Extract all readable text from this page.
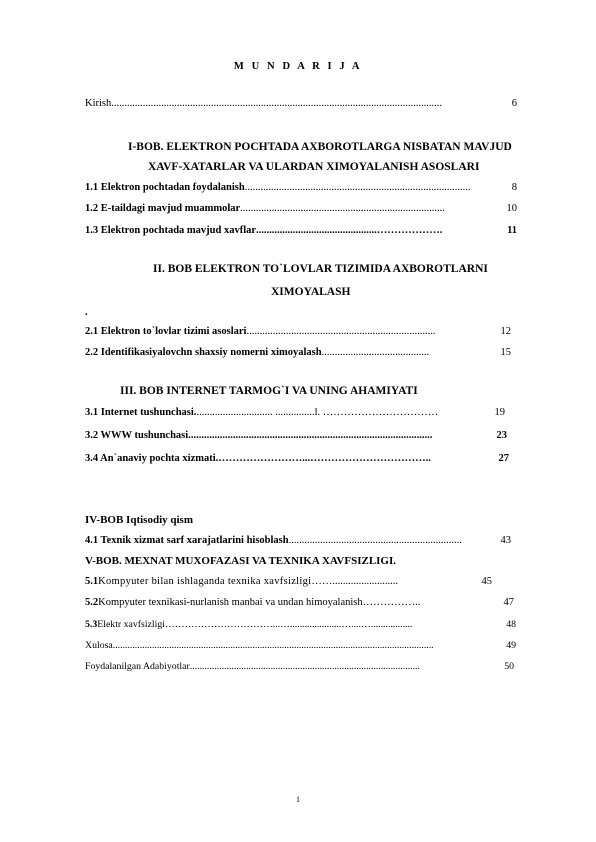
M U N D A R I J A
Kirish ..............................................................................................................................	6
I-BOB. ELEKTRON POCHTADA AXBOROTLARGA NISBATAN MAVJUD
XAVF-XATARLAR VA ULARDAN XIMOYALANISH ASOSLARI
1.1 Elektron pochtadan foydalanish ......................................................................................	8
1.2 E-taildagi mavjud muammolar ..............................................................................	10
1.3 Elektron pochtada mavjud xavflar ..............................................……………….	11
II. BOB ELEKTRON TO`LOVLAR TIZIMIDA AXBOROTLARNI
XIMOYALASH
.
2.1 Elektron to`lovlar tizimi asoslari ........................................................................	12
2.2 Identifikasiyalovchn shaxsiy nomerni ximoyalash .........................................	15
III. BOB INTERNET TARMOG`I VA UNING AHAMIYATI
3.1 Internet tushunchasi. ............................. ...............l. ……………………………	19
3.2 WWW tushunchasi. ............................................................................................	23
3.4 An`anaviy pochta xizmati. ……………………...……………………………..	27
IV-BOB Iqtisodiy qism
4.1 Texnik xizmat sarf xarajatlarini hisoblash ..................................................................	43
V-BOB. MEXNAT MUXOFAZASI VA TEXNIKA XAVFSIZLIGI.
5.1 Kompyuter bilan ishlaganda texnika xavfsizligi …….........................	45
5.2 Kompyuter texnikasi-nurlanish manbai va undan himoyalanish ……………..	47
5.3 Elektr xavfsizligi ……………………………...….....................…....….................	48
Xulosa ...................................................................................................................................	49
Foydalanilgan Adabiyotlar ..............................................................................................	50
1
